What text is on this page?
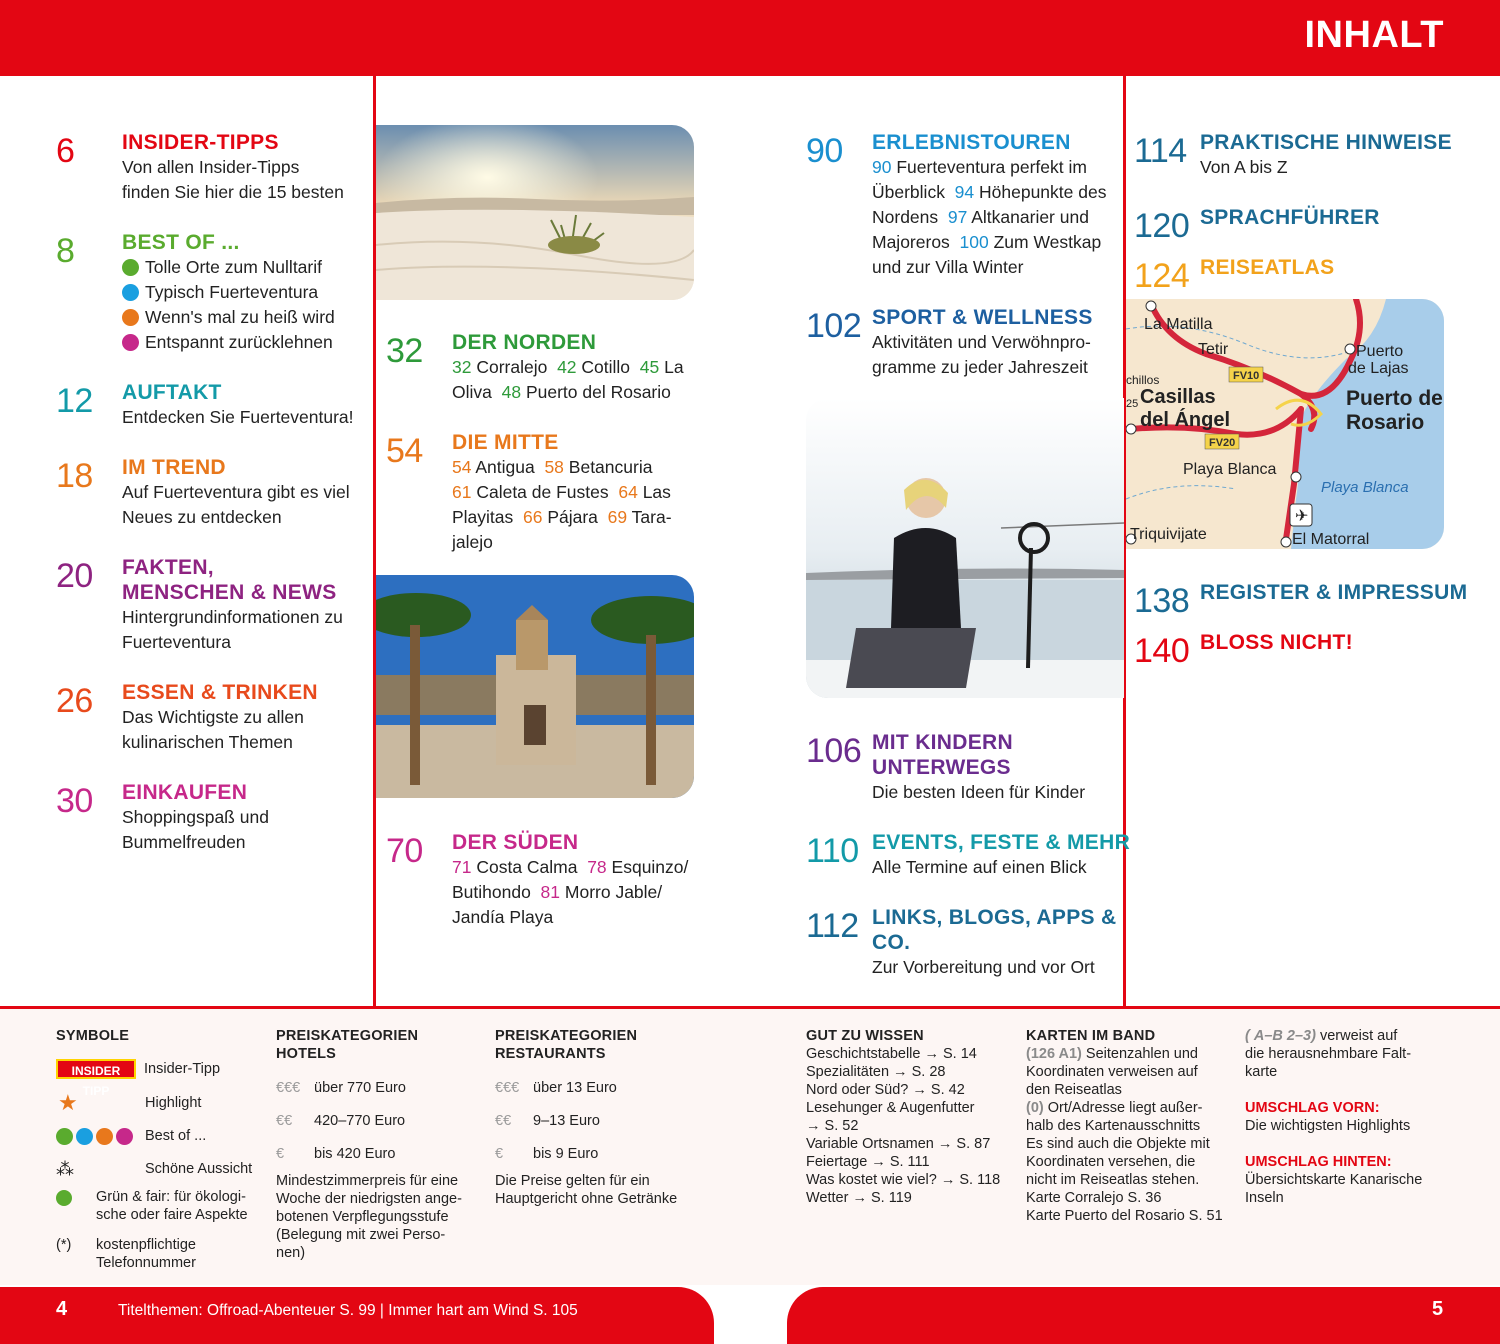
INHALT
6 INSIDER-TIPPS
Von allen Insider-Tipps
finden Sie hier die 15 besten
8 BEST OF ...
Tolle Orte zum Nulltarif
Typisch Fuerteventura
Wenn's mal zu heiß wird
Entspannt zurücklehnen
12 AUFTAKT
Entdecken Sie Fuerteventura!
18 IM TREND
Auf Fuerteventura gibt es viel
Neues zu entdecken
20 FAKTEN,
MENSCHEN & NEWS
Hintergrundinformationen zu
Fuerteventura
26 ESSEN & TRINKEN
Das Wichtigste zu allen
kulinarischen Themen
30 EINKAUFEN
Shoppingspaß und
Bummelfreuden
32 DER NORDEN
32 Corralejo  42 Cotillo  45 La
Oliva  48 Puerto del Rosario
54 DIE MITTE
54 Antigua  58 Betancuria
61 Caleta de Fustes  64 Las
Playitas  66 Pájara  69 Tara-
jalejo
70 DER SÜDEN
71 Costa Calma  78 Esquinzo/
Butihondo  81 Morro Jable/
Jandía Playa
90 ERLEBNISTOUREN
90 Fuerteventura perfekt im
Überblick  94 Höhepunkte des
Nordens  97 Altkanarier und
Majoreros  100 Zum Westkap
und zur Villa Winter
102 SPORT & WELLNESS
Aktivitäten und Verwöhnpro-
gramme zu jeder Jahreszeit
106 MIT KINDERN
UNTERWEGS
Die besten Ideen für Kinder
110 EVENTS, FESTE & MEHR
Alle Termine auf einen Blick
112 LINKS, BLOGS, APPS &
CO.
Zur Vorbereitung und vor Ort
114 PRAKTISCHE HINWEISE
Von A bis Z
120 SPRACHFÜHRER
124 REISEATLAS
✈
FV10
FV20
La Matilla
Tetir	Puerto
de Lajas
chillos
25 Casillas
del Ángel
Puerto de
Rosario
Playa Blanca
Playa Blanca
Triquivijate	El Matorral
138 REGISTER & IMPRESSUM
140 BLOSS NICHT!
SYMBOLE
INSIDER TIPP
Insider-Tipp
★	Highlight
Best of ...
⁂	Schöne Aussicht
Grün & fair: für ökologi-
sche oder faire Aspekte
(*)	kostenpflichtige
Telefonnummer
PREISKATEGORIEN
HOTELS
€€€ über 770 Euro
€€	420–770 Euro
€	bis 420 Euro
Mindestzimmerpreis für eine
Woche der niedrigsten ange-
botenen Verpflegungsstufe
(Belegung mit zwei Perso-
nen)
PREISKATEGORIEN
RESTAURANTS
€€€ über 13 Euro
€€	9–13 Euro
€	bis 9 Euro
Die Preise gelten für ein
Hauptgericht ohne Getränke
GUT ZU WISSEN
Geschichtstabelle → S. 14
Spezialitäten → S. 28
Nord oder Süd? → S. 42
Lesehunger & Augenfutter
→ S. 52
Variable Ortsnamen → S. 87
Feiertage → S. 111
Was kostet wie viel? → S. 118
Wetter → S. 119
KARTEN IM BAND
(126 A1) Seitenzahlen und
Koordinaten verweisen auf
den Reiseatlas
(0) Ort/Adresse liegt außer-
halb des Kartenausschnitts
Es sind auch die Objekte mit
Koordinaten versehen, die
nicht im Reiseatlas stehen.
Karte Corralejo S. 36
Karte Puerto del Rosario S. 51
( A–B 2–3) verweist auf
die herausnehmbare Falt-
karte
UMSCHLAG VORN:
Die wichtigsten Highlights
UMSCHLAG HINTEN:
Übersichtskarte Kanarische
Inseln
4	Titelthemen: Offroad-Abenteuer S. 99 | Immer hart am Wind S. 105	5
